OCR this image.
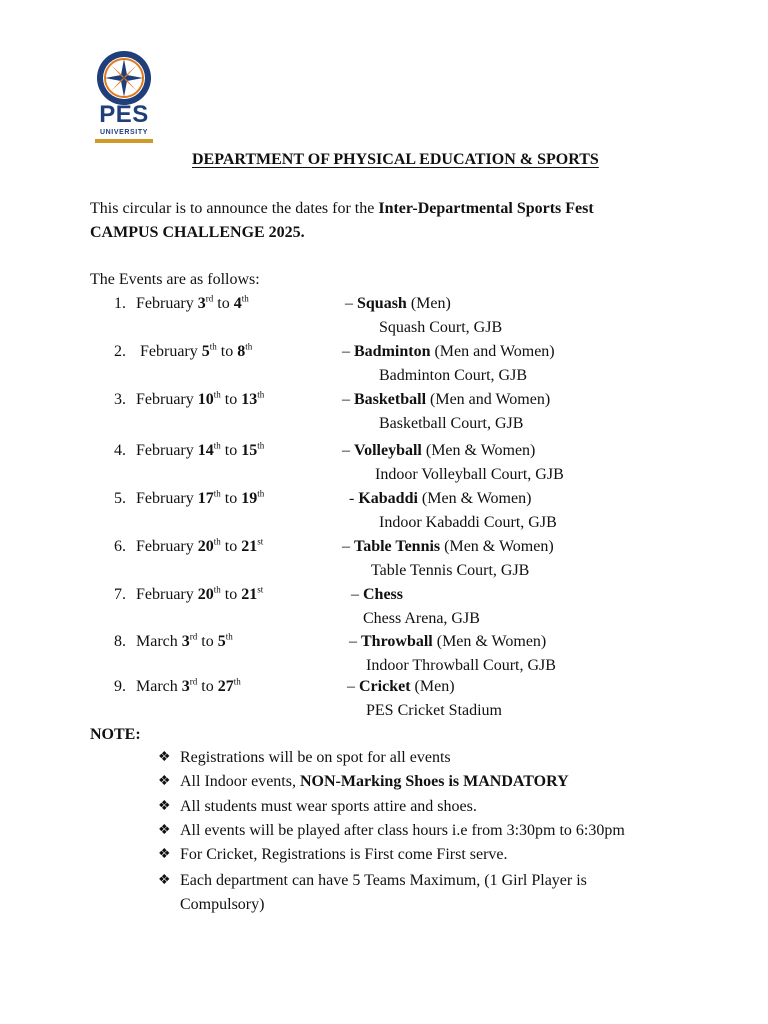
PES
UNIVERSITY
DEPARTMENT OF PHYSICAL EDUCATION & SPORTS
This circular is to announce the dates for the Inter-Departmental Sports Fest
CAMPUS CHALLENGE 2025.
The Events are as follows:
1. February 3rd to 4th	– Squash (Men)
Squash Court, GJB
2. February 5th to 8th	– Badminton (Men and Women)
Badminton Court, GJB
3. February 10th to 13th	– Basketball (Men and Women)
Basketball Court, GJB
4. February 14th to 15th	– Volleyball (Men & Women)
Indoor Volleyball Court, GJB
5. February 17th to 19th	- Kabaddi (Men & Women)
Indoor Kabaddi Court, GJB
6. February 20th to 21st	– Table Tennis (Men & Women)
Table Tennis Court, GJB
7. February 20th to 21st	– Chess
Chess Arena, GJB
8. March 3rd to 5th	– Throwball (Men & Women)
Indoor Throwball Court, GJB
9. March 3rd to 27th	– Cricket (Men)
PES Cricket Stadium
NOTE:
❖ Registrations will be on spot for all events
❖ All Indoor events, NON-Marking Shoes is MANDATORY
❖ All students must wear sports attire and shoes.
❖ All events will be played after class hours i.e from 3:30pm to 6:30pm
❖ For Cricket, Registrations is First come First serve.
❖ Each department can have 5 Teams Maximum, (1 Girl Player is Compulsory)
